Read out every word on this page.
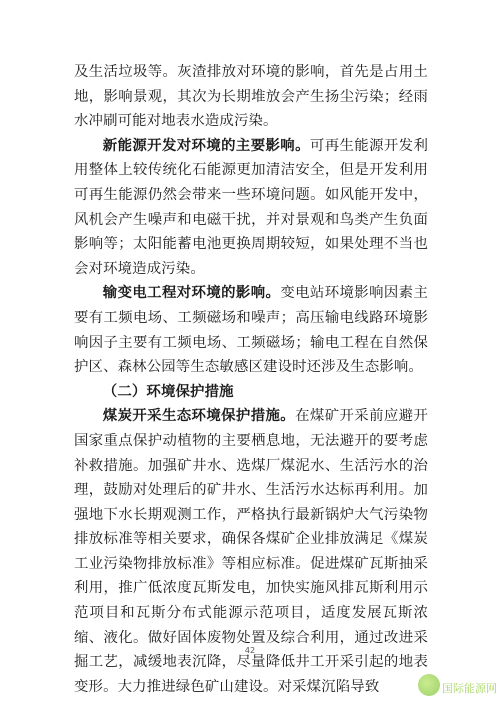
及生活垃圾等。灰渣排放对环境的影响，首先是占用土地，影响景观，其次为长期堆放会产生扬尘污染；经雨水冲刷可能对地表水造成污染。

新能源开发对环境的主要影响。可再生能源开发利用整体上较传统化石能源更加清洁安全，但是开发利用可再生能源仍然会带来一些环境问题。如风能开发中，风机会产生噪声和电磁干扰，并对景观和鸟类产生负面影响等；太阳能蓄电池更换周期较短，如果处理不当也会对环境造成污染。

输变电工程对环境的影响。变电站环境影响因素主要有工频电场、工频磁场和噪声；高压输电线路环境影响因子主要有工频电场、工频磁场；输电工程在自然保护区、森林公园等生态敏感区建设时还涉及生态影响。

（二）环境保护措施

煤炭开采生态环境保护措施。在煤矿开采前应避开国家重点保护动植物的主要栖息地，无法避开的要考虑补救措施。加强矿井水、选煤厂煤泥水、生活污水的治理，鼓励对处理后的矿井水、生活污水达标再利用。加强地下水长期观测工作，严格执行最新锅炉大气污染物排放标准等相关要求，确保各煤矿企业排放满足《煤炭工业污染物排放标准》等相应标准。促进煤矿瓦斯抽采利用，推广低浓度瓦斯发电，加快实施风排瓦斯利用示范项目和瓦斯分布式能源示范项目，适度发展瓦斯浓缩、液化。做好固体废物处置及综合利用，通过改进采掘工艺，减缓地表沉降，尽量降低井工开采引起的地表变形。大力推进绿色矿山建设。对采煤沉陷导致

42
国际能源网
